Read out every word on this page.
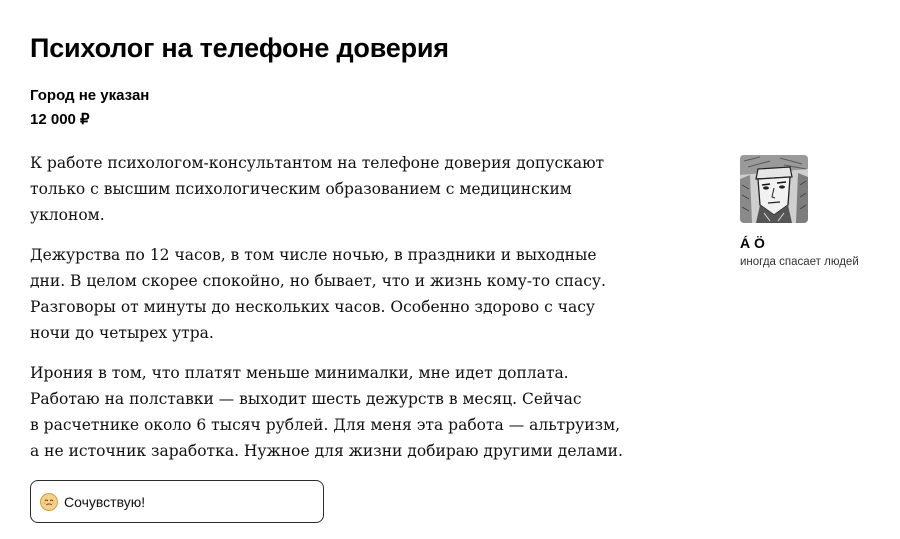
Психолог на телефоне доверия
Город не указан
12 000 ₽

К работе психологом-консультантом на телефоне доверия допускают
только с высшим психологическим образованием с медицинским
уклоном.

Дежурства по 12 часов, в том числе ночью, в праздники и выходные
дни. В целом скорее спокойно, но бывает, что и жизнь кому-то спасу.
Разговоры от минуты до нескольких часов. Особенно здорово с часу
ночи до четырех утра.

Ирония в том, что платят меньше минималки, мне идет доплата.
Работаю на полставки — выходит шесть дежурств в месяц. Сейчас
в расчетнике около 6 тысяч рублей. Для меня эта работа — альтруизм,
а не источник заработка. Нужное для жизни добираю другими делами.

Сочувствую!
Á Ö
иногда спасает людей
